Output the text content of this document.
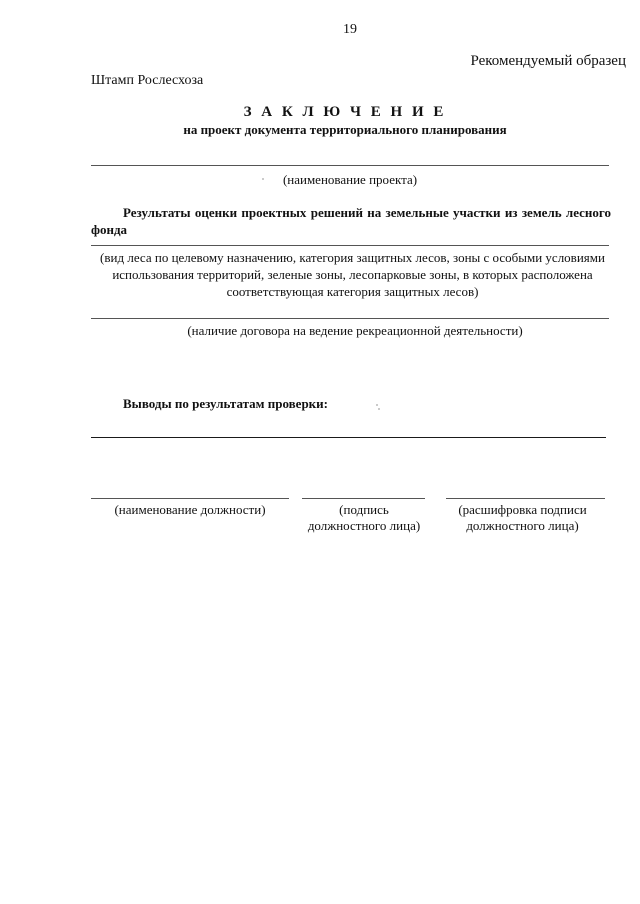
19
Рекомендуемый образец
Штамп Рослесхоза
З А К Л Ю Ч Е Н И Е
на проект документа территориального планирования
(наименование проекта)
Результаты оценки проектных решений на земельные участки из земель лесного фонда
(вид леса по целевому назначению, категория защитных лесов, зоны с особыми условиями использования территорий, зеленые зоны, лесопарковые зоны, в которых расположена соответствующая категория защитных лесов)
(наличие договора на ведение рекреационной деятельности)
Выводы по результатам проверки:
(наименование должности)	(подпись
должностного лица)
(расшифровка подписи
должностного лица)
